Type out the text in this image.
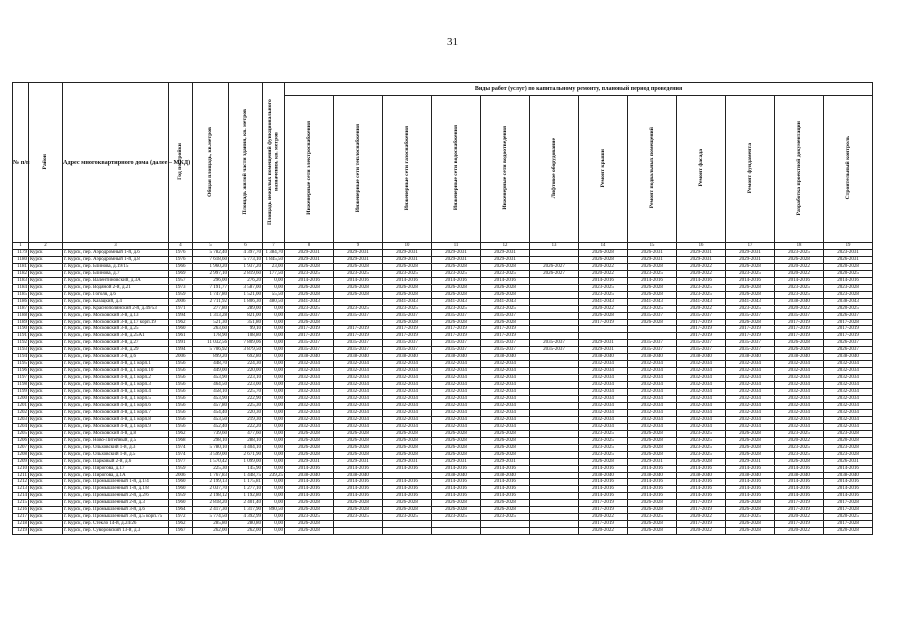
31
№ п/п	Район	Адрес многоквартирного дома (далее – МКД)	Год постройки	Общая площадь, кв.метров	Площадь жилой части здания, кв. метров	Площадь нежилых помещений функционального назначения, кв. метров	Виды работ (услуг) по капитальному ремонту, плановый период проведения											
							Инженерные сети электроснабжения	Инженерные сети теплоснабжения	Инженерные сети газоснабжения	Инженерные сети водоснабжения	Инженерные сети водоотведения	Лифтовое оборудование	Ремонт крыши	Ремонт подвальных помещений	Ремонт фасада	Ремонт фундамента	Разработка проектной документации	Строительный контроль
1	2	3	4	5	6	7	8	9	10	11	12	13	14	15	16	17	18	19
1179	Курск	г. Курск, пер. Аэродромный 1-й, д.6	1976	5 782,40	4 397,70	1 384,70	2029-2031	2029-2031	2029-2031	2029-2031	2029-2031		2026-2028	2026-2031	2029-2031	2029-2031	2023-2025	2023-2031
1180	Курск	г. Курск, пер. Аэродромный 1-й, д.8	1976	7 618,60	5 773,10	1 845,50	2029-2031	2029-2031	2029-2031	2029-2031	2029-2031		2026-2028	2029-2031	2029-2031	2029-2031	2026-2028	2026-2031
1181	Курск	г. Курск, пер. Блинова, д.19/15	1966	1 960,20	1 937,20	23,00	2026-2028	2026-2028	2026-2028	2026-2028	2026-2028	2026-2027	2020-2022	2026-2028	2020-2022	2026-2028	2020-2022	2020-2028
1182	Курск	г. Курск, пер. Блинова, д.7	1969	2 997,10	2 819,60	177,50	2023-2025	2023-2025	2023-2025	2023-2025	2023-2025	2026-2027	2020-2022	2023-2025	2020-2022	2023-2025	2020-2022	2020-2025
1183	Курск	г. Курск, пер. Валентиновский, д.3А	1957	296,00	276,20	0,00	2014-2016	2014-2016	2014-2016	2014-2016	2014-2016		2014-2016	2014-2016	2014-2016	2014-2016	2014-2016	2014-2016
1184	Курск	г. Курск, пер. Водяной 2-й, д.21	1973	7 191,77	3 587,00	0,00	2026-2028	2026-2028	2026-2028	2026-2028	2026-2028		2023-2025	2026-2028	2023-2025	2026-2028	2023-2025	2023-2028
1185	Курск	г. Курск, пер. Гоголя, д.6	1959	1 747,80	1 521,00	55,50	2026-2028	2026-2028	2026-2028	2026-2028	2026-2028		2023-2025	2026-2028	2023-2025	2026-2028	2023-2025	2023-2028
1186	Курск	г. Курск, пер. Казацкий, д.4	2006	2 711,92	1 806,30	480,50	2041-2043		2041-2043	2041-2043	2041-2043		2041-2043	2041-2043	2041-2043	2041-2043	2038-2040	2038-2043
1187	Курск	г. Курск, пер. Краснополянский 2-й, д.49/53	1971	277,80	289,00	0,00	2023-2025	2023-2025	2023-2025	2023-2025	2023-2025		2020-2022	2023-2025	2020-2022	2023-2025	2020-2022	2020-2025
1188	Курск	г. Курск, пер. Московский 3-й, д.13	1994	1 313,28	821,00	0,00	2035-2037	2035-2037	2035-2037	2035-2037	2035-2037		2026-2028	2035-2037	2035-2037	2035-2037	2035-2037	2026-2037
1189	Курск	г. Курск, пер. Московский 3-й, д.17 корп.19	1962	521,30	351,80	0,00	2026-2028		2026-2028	2026-2028	2026-2028		2017-2019	2026-2028	2017-2019	2026-2028	2017-2019	2017-2028
1190	Курск	г. Курск, пер. Московский 3-й, д.25	1960	263,60	99,10	0,00	2017-2019	2017-2019	2017-2019	2017-2019	2017-2019				2017-2019	2017-2019	2017-2019	2017-2019
1191	Курск	г. Курск, пер. Московский 3-й, д.25А1	1961	178,90	108,80	0,00	2017-2019	2017-2019	2017-2019	2017-2019	2017-2019				2017-2019	2017-2019	2017-2019	2017-2019
1192	Курск	г. Курск, пер. Московский 3-й, д.27	1991	11 032,56	7 809,06	0,00	2035-2037	2035-2037	2035-2037	2035-2037	2035-2037	2035-2037	2029-2031	2035-2037	2035-2037	2035-2037	2026-2028	2026-2037
1193	Курск	г. Курск, пер. Московский 3-й, д.29	1994	5 706,92	3 879,50	0,00	2035-2037	2035-2037	2035-2037	2035-2037	2035-2037	2035-2037	2029-2031	2035-2037	2035-2037	2035-2037	2026-2028	2026-2037
1194	Курск	г. Курск, пер. Московский 3-й, д.6	2006	899,20	692,80	0,00	2038-2040	2038-2040	2038-2040	2038-2040	2038-2040		2038-2040	2038-2040	2038-2040	2038-2040	2038-2040	2038-2040
1195	Курск	г. Курск, пер. Московский 4-й, д.1 корп.1	1956	448,70	224,30	0,00	2032-2034	2032-2034	2032-2034	2032-2034	2032-2034		2032-2034	2032-2034	2032-2034	2032-2034	2032-2034	2032-2034
1196	Курск	г. Курск, пер. Московский 4-й, д.1 корп.10	1956	449,00	220,00	0,00	2032-2034	2032-2034	2032-2034	2032-2034	2032-2034		2032-2034	2032-2034	2032-2034	2032-2034	2032-2034	2032-2034
1197	Курск	г. Курск, пер. Московский 4-й, д.1 корп.2	1956	453,90	223,10	0,00	2032-2034	2032-2034	2032-2034	2032-2034	2032-2034		2032-2034	2032-2034	2032-2034	2032-2034	2032-2034	2032-2034
1198	Курск	г. Курск, пер. Московский 4-й, д.1 корп.3	1956	464,50	223,00	0,00	2032-2034	2032-2034	2032-2034	2032-2034	2032-2034		2032-2034	2032-2034	2032-2034	2032-2034	2032-2034	2032-2034
1199	Курск	г. Курск, пер. Московский 4-й, д.1 корп.4	1956	458,10	225,70	0,00	2032-2034	2032-2034	2032-2034	2032-2034	2032-2034		2032-2034	2032-2034	2032-2034	2032-2034	2032-2034	2032-2034
1200	Курск	г. Курск, пер. Московский 4-й, д.1 корп.5	1956	453,90	222,90	0,00	2032-2034	2032-2034	2032-2034	2032-2034	2032-2034		2032-2034	2032-2034	2032-2034	2032-2034	2032-2034	2032-2034
1201	Курск	г. Курск, пер. Московский 4-й, д.1 корп.6	1956	457,80	225,30	0,00	2032-2034	2032-2034	2032-2034	2032-2034	2032-2034		2032-2034	2032-2034	2032-2034	2032-2034	2032-2034	2032-2034
1202	Курск	г. Курск, пер. Московский 4-й, д.1 корп.7	1956	454,40	220,30	0,00	2032-2034	2032-2034	2032-2034	2032-2034	2032-2034		2032-2034	2032-2034	2032-2034	2032-2034	2032-2034	2032-2034
1203	Курск	г. Курск, пер. Московский 4-й, д.1 корп.8	1956	453,50	219,30	0,00	2032-2034	2032-2034	2032-2034	2032-2034	2032-2034		2032-2034	2032-2034	2032-2034	2032-2034	2032-2034	2032-2034
1204	Курск	г. Курск, пер. Московский 4-й, д.1 корп.9	1956	452,40	222,20	0,00	2032-2034	2032-2034	2032-2034	2032-2034	2032-2034		2032-2034	2032-2034	2032-2034	2032-2034	2032-2034	2032-2034
1205	Курск	г. Курск, пер. Московский 4-й, д.8	1962	739,60	477,60	0,00	2026-2028	2026-2028	2026-2028	2026-2028	2026-2028		2023-2025	2026-2028	2023-2025	2026-2028	2023-2025	2023-2028
1206	Курск	г. Курск, пер. Ново-Литейный, д.5	1968	298,10	288,10	0,00	2026-2028	2026-2028	2026-2028	2026-2028	2026-2028		2023-2025	2026-2028	2023-2025	2026-2028	2020-2022	2020-2028
1207	Курск	г. Курск, пер. Ольховский 1-й, д.3	1974	5 780,10	4 404,10	0,00	2026-2028	2026-2028	2026-2028	2026-2028	2026-2028		2023-2025	2026-2028	2023-2025	2026-2028	2023-2025	2023-2028
1208	Курск	г. Курск, пер. Ольховский 1-й, д.5	1974	3 599,00	2 671,90	0,00	2026-2028	2026-2028	2026-2028	2026-2028	2026-2028		2023-2025	2026-2028	2023-2025	2026-2028	2023-2025	2023-2028
1209	Курск	г. Курск, пер. Парковый 2-й, д.6	1977	1 570,42	1 099,00	0,00	2029-2031	2029-2031	2029-2031	2029-2031	2029-2031		2026-2028	2029-2031	2026-2028	2029-2031	2026-2028	2026-2031
1210	Курск	г. Курск, пер. Пирогова, д.17	1959	225,30	145,90	0,00	2014-2016	2014-2016	2014-2016	2014-2016	2014-2016		2014-2016	2014-2016	2014-2016	2014-2016	2014-2016	2014-2016
1211	Курск	г. Курск, пер. Пирогова, д.1А	2006	1 767,83	1 448,75	239,25	2038-2040	2038-2040		2038-2040	2038-2040		2038-2040	2038-2040	2038-2040	2038-2040	2038-2040	2038-2040
1212	Курск	г. Курск, пер. Промышленный 1-й, д.1/4	1960	2 199,13	1 175,81	0,00	2014-2016	2014-2016	2014-2016	2014-2016	2014-2016		2014-2016	2014-2016	2014-2016	2014-2016	2014-2016	2014-2016
1213	Курск	г. Курск, пер. Промышленный 1-й, д.1/8	1960	2 037,70	1 277,10	0,00	2014-2016	2014-2016	2014-2016	2014-2016	2014-2016		2014-2016	2014-2016	2014-2016	2014-2016	2014-2016	2014-2016
1214	Курск	г. Курск, пер. Промышленный 2-й, д.2/6	1959	2 198,12	1 192,80	0,00	2014-2016	2014-2016	2014-2016	2014-2016	2014-2016		2014-2016	2014-2016	2014-2016	2014-2016	2014-2016	2014-2016
1215	Курск	г. Курск, пер. Промышленный 2-й, д.3	1960	2 818,20	2 401,40	0,00	2026-2028	2026-2028	2026-2028	2026-2028	2026-2028		2017-2019	2026-2028	2017-2019	2026-2028	2017-2019	2017-2028
1216	Курск	г. Курск, пер. Промышленный 3-й, д.6	1964	2 417,30	1 317,90	890,50	2026-2028	2026-2028	2026-2028	2026-2028	2026-2028		2017-2019	2026-2028	2017-2019	2026-2028	2017-2019	2017-2028
1217	Курск	г. Курск, пер. Промышленный 3-й, д.5 корп.75	1972	5 774,50	4 392,99	0,00	2023-2025	2023-2025	2023-2025	2023-2025	2023-2025		2020-2022	2023-2025	2020-2022	2023-2025	2020-2022	2020-2025
1218	Курск	г. Курск, пер. Стекло 14-й, д.24/26	1962	285,80	280,80	0,00	2026-2028						2017-2019	2026-2028	2017-2019	2026-2028	2017-2019	2017-2028
1219	Курск	г. Курск, пер. Суворовский 13-й, д.3	1967	262,00	262,00	0,00	2026-2028						2020-2022	2026-2028	2020-2022	2026-2028	2020-2022	2020-2028
